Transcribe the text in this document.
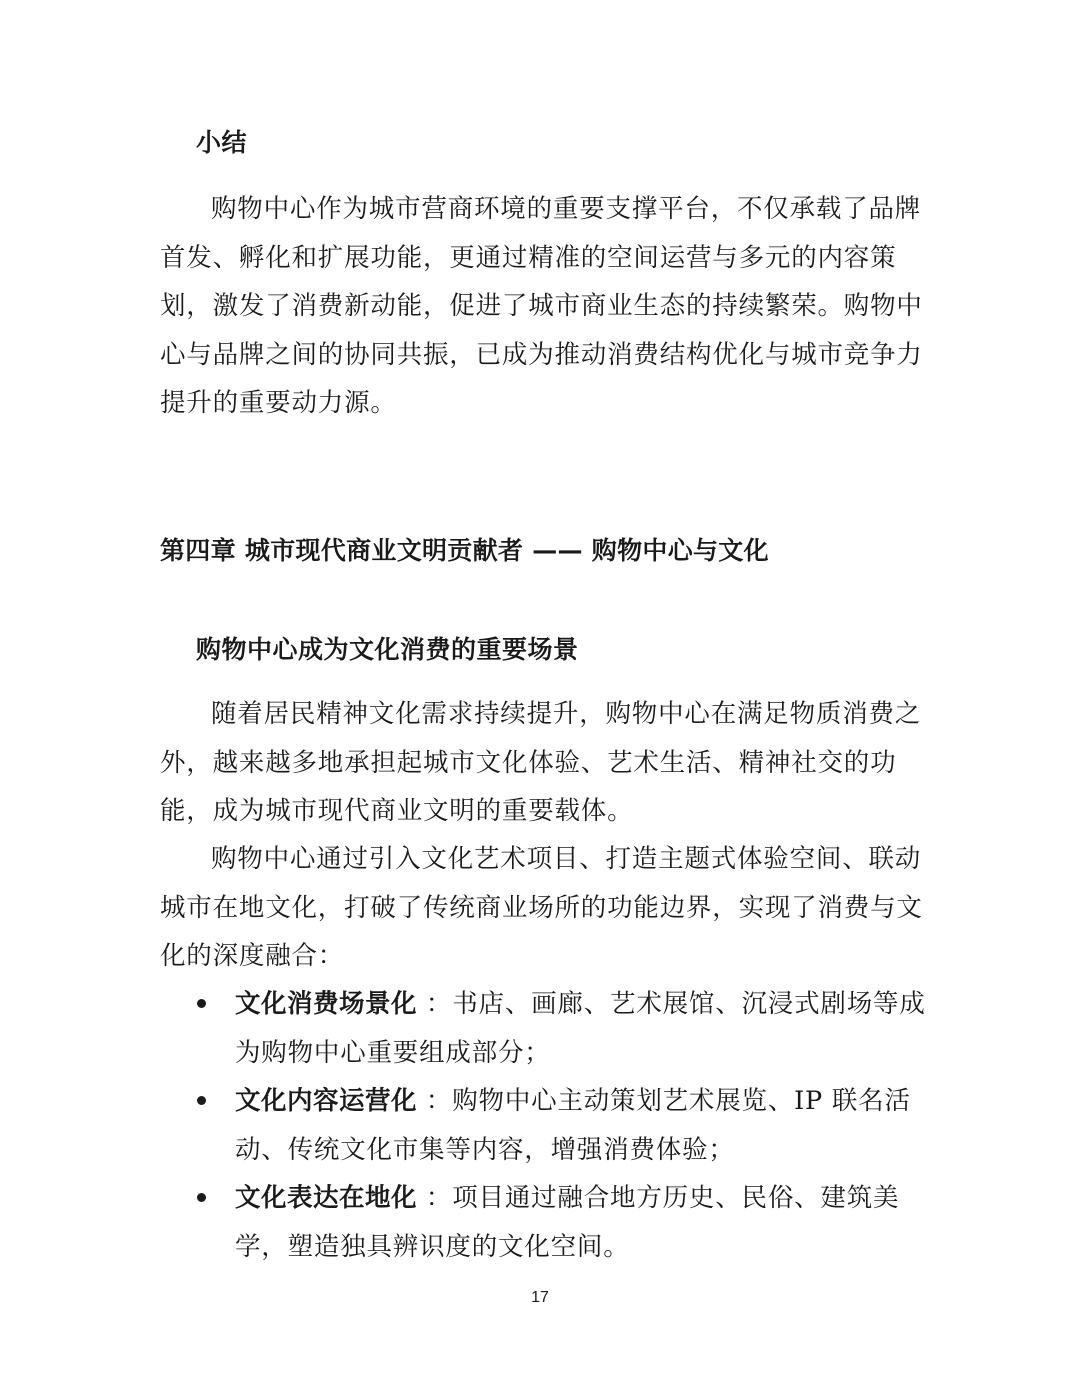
小结

购物中心作为城市营商环境的重要支撑平台，不仅承载了品牌首发、孵化和扩展功能，更通过精准的空间运营与多元的内容策划，激发了消费新动能，促进了城市商业生态的持续繁荣。购物中心与品牌之间的协同共振，已成为推动消费结构优化与城市竞争力提升的重要动力源。

第四章 城市现代商业文明贡献者 —— 购物中心与文化
购物中心成为文化消费的重要场景

随着居民精神文化需求持续提升，购物中心在满足物质消费之外，越来越多地承担起城市文化体验、艺术生活、精神社交的功能，成为城市现代商业文明的重要载体。

购物中心通过引入文化艺术项目、打造主题式体验空间、联动城市在地文化，打破了传统商业场所的功能边界，实现了消费与文化的深度融合：

文化消费场景化 ：书店、画廊、艺术展馆、沉浸式剧场等成为购物中心重要组成部分；
文化内容运营化 ：购物中心主动策划艺术展览、IP 联名活动、传统文化市集等内容，增强消费体验；
文化表达在地化 ：项目通过融合地方历史、民俗、建筑美学，塑造独具辨识度的文化空间。
17
